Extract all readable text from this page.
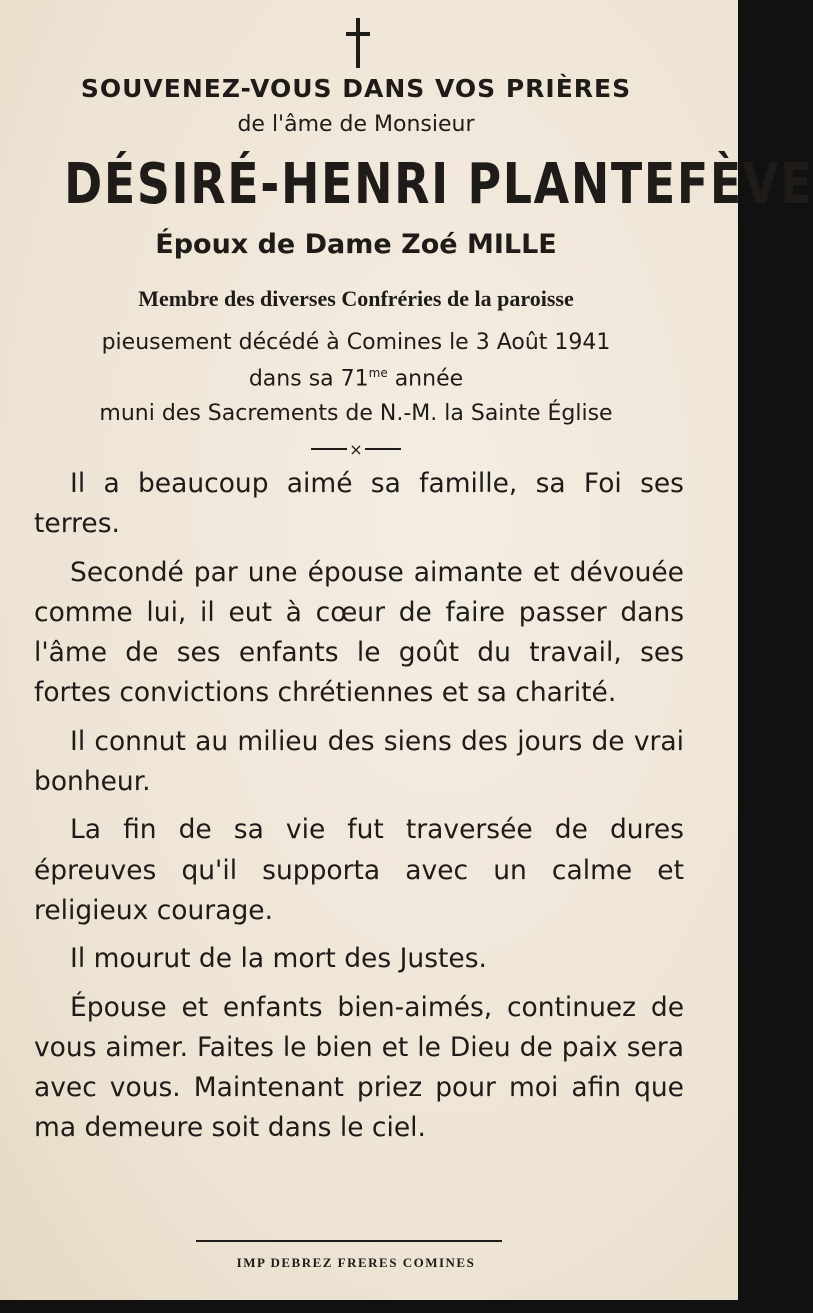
SOUVENEZ-VOUS DANS VOS PRIÈRES
de l'âme de Monsieur
DÉSIRÉ-HENRI PLANTEFÈVE
Époux de Dame Zoé MILLE
Membre des diverses Confréries de la paroisse
pieusement décédé à Comines le 3 Août 1941
dans sa $71^{me}$ année
muni des Sacrements de N.-M. la Sainte Église
×

Il a beaucoup aimé sa famille, sa Foi ses terres.

Secondé par une épouse aimante et dévouée comme lui, il eut à cœur de faire passer dans l'âme de ses enfants le goût du travail, ses fortes convictions chrétiennes et sa charité.

Il connut au milieu des siens des jours de vrai bonheur.

La fin de sa vie fut traversée de dures épreuves qu'il supporta avec un calme et religieux courage.

Il mourut de la mort des Justes.

Épouse et enfants bien-aimés, continuez de vous aimer. Faites le bien et le Dieu de paix sera avec vous. Maintenant priez pour moi afin que ma demeure soit dans le ciel.

IMP DEBREZ FRERES COMINES
